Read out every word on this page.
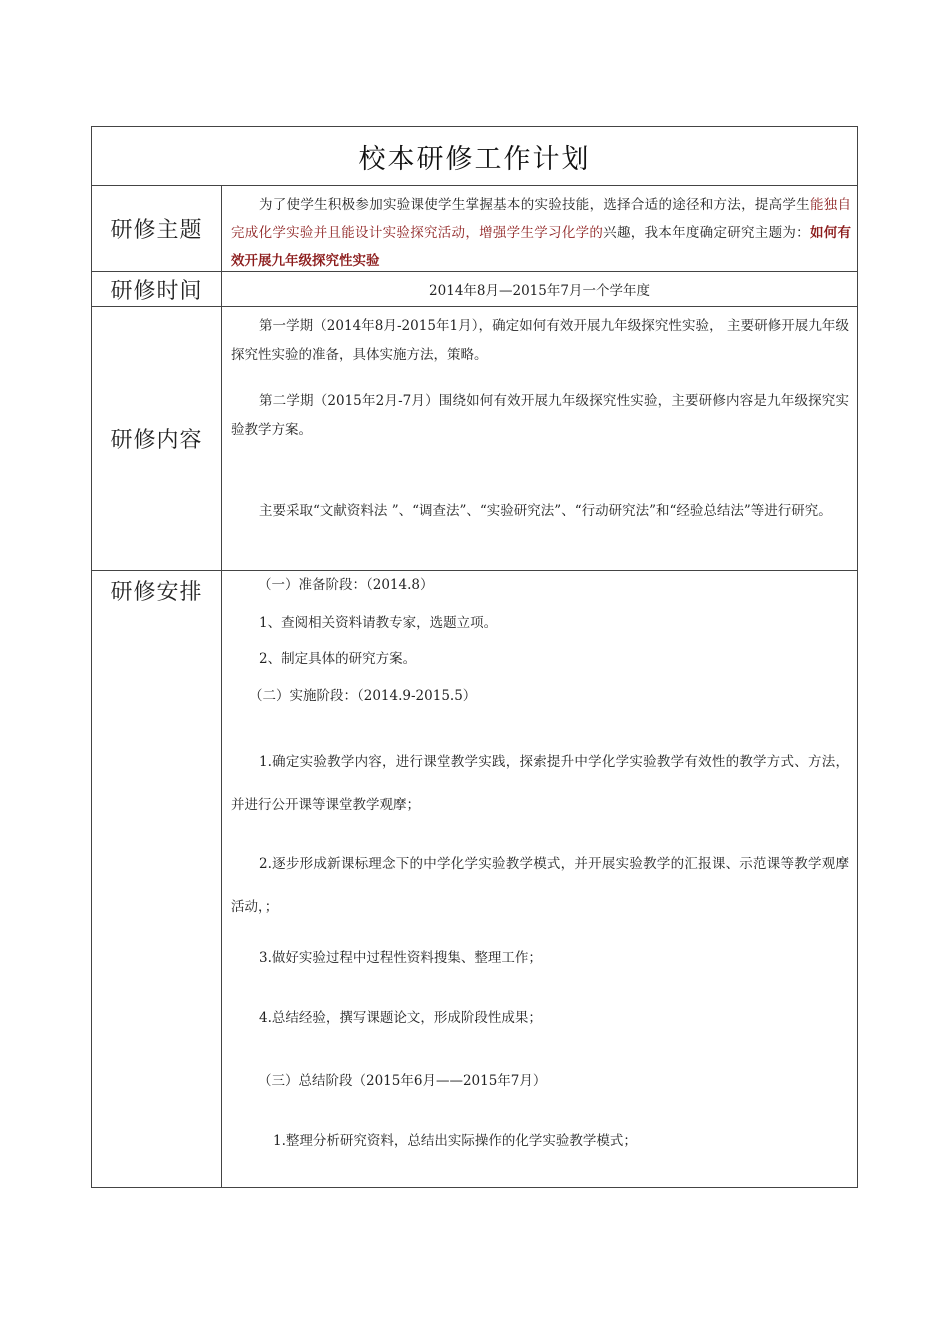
校本研修工作计划
研修主题
为了使学生积极参加实验课使学生掌握基本的实验技能，选择合适的途径和方法，提高学生能独自完成化学实验并且能设计实验探究活动，增强学生学习化学的兴趣，我本年度确定研究主题为：如何有效开展九年级探究性实验
研修时间	2014年8月—2015年7月一个学年度
研修内容
第一学期（2014年8月-2015年1月），确定如何有效开展九年级探究性实验， 主要研修开展九年级探究性实验的准备，具体实施方法，策略。
第二学期（2015年2月-7月）围绕如何有效开展九年级探究性实验，主要研修内容是九年级探究实验教学方案。
主要采取“文献资料法 ”、“调查法”、“实验研究法”、“行动研究法”和“经验总结法”等进行研究。
研修安排	（一）准备阶段：（2014.8）
1、查阅相关资料请教专家，选题立项。
2、制定具体的研究方案。
（二）实施阶段：（2014.9-2015.5）
1.确定实验教学内容，进行课堂教学实践，探索提升中学化学实验教学有效性的教学方式、方法，并进行公开课等课堂教学观摩；
2.逐步形成新课标理念下的中学化学实验教学模式，并开展实验教学的汇报课、示范课等教学观摩活动，；
3.做好实验过程中过程性资料搜集、整理工作；
4.总结经验，撰写课题论文，形成阶段性成果；
（三）总结阶段（2015年6月——2015年7月）
1.整理分析研究资料，总结出实际操作的化学实验教学模式；
